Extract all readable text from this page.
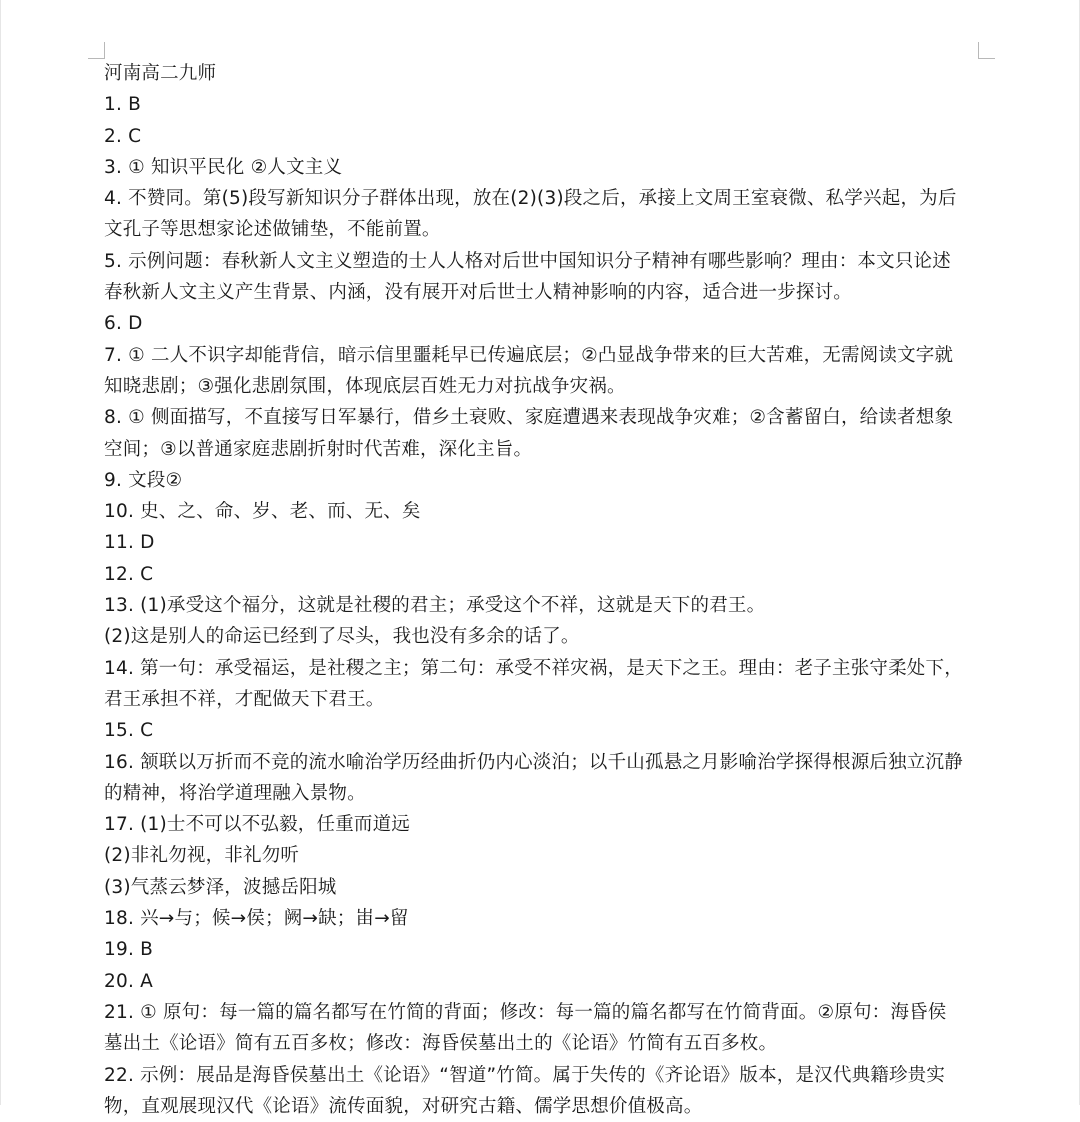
河南高二九师
1. B
2. C
3. ① 知识平民化 ②人文主义
4. 不赞同。第(5)段写新知识分子群体出现，放在(2)(3)段之后，承接上文周王室衰微、私学兴起，为后
文孔子等思想家论述做铺垫，不能前置。
5. 示例问题：春秋新人文主义塑造的士人人格对后世中国知识分子精神有哪些影响？理由：本文只论述
春秋新人文主义产生背景、内涵，没有展开对后世士人精神影响的内容，适合进一步探讨。
6. D
7. ① 二人不识字却能背信，暗示信里噩耗早已传遍底层；②凸显战争带来的巨大苦难，无需阅读文字就
知晓悲剧；③强化悲剧氛围，体现底层百姓无力对抗战争灾祸。
8. ① 侧面描写，不直接写日军暴行，借乡土衰败、家庭遭遇来表现战争灾难；②含蓄留白，给读者想象
空间；③以普通家庭悲剧折射时代苦难，深化主旨。
9. 文段②
10. 史、之、命、岁、老、而、无、矣
11. D
12. C
13. (1)承受这个福分，这就是社稷的君主；承受这个不祥，这就是天下的君王。
(2)这是别人的命运已经到了尽头，我也没有多余的话了。
14. 第一句：承受福运，是社稷之主；第二句：承受不祥灾祸，是天下之王。理由：老子主张守柔处下，
君王承担不祥，才配做天下君王。
15. C
16. 颔联以万折而不竞的流水喻治学历经曲折仍内心淡泊；以千山孤悬之月影喻治学探得根源后独立沉静
的精神，将治学道理融入景物。
17. (1)士不可以不弘毅，任重而道远
(2)非礼勿视，非礼勿听
(3)气蒸云梦泽，波撼岳阳城
18. 兴→与；候→侯；阙→缺；峀→留
19. B
20. A
21. ① 原句：每一篇的篇名都写在竹简的背面；修改：每一篇的篇名都写在竹简背面。②原句：海昏侯
墓出土《论语》简有五百多枚；修改：海昏侯墓出土的《论语》竹简有五百多枚。
22. 示例：展品是海昏侯墓出土《论语》“智道”竹简。属于失传的《齐论语》版本，是汉代典籍珍贵实
物，直观展现汉代《论语》流传面貌，对研究古籍、儒学思想价值极高。
